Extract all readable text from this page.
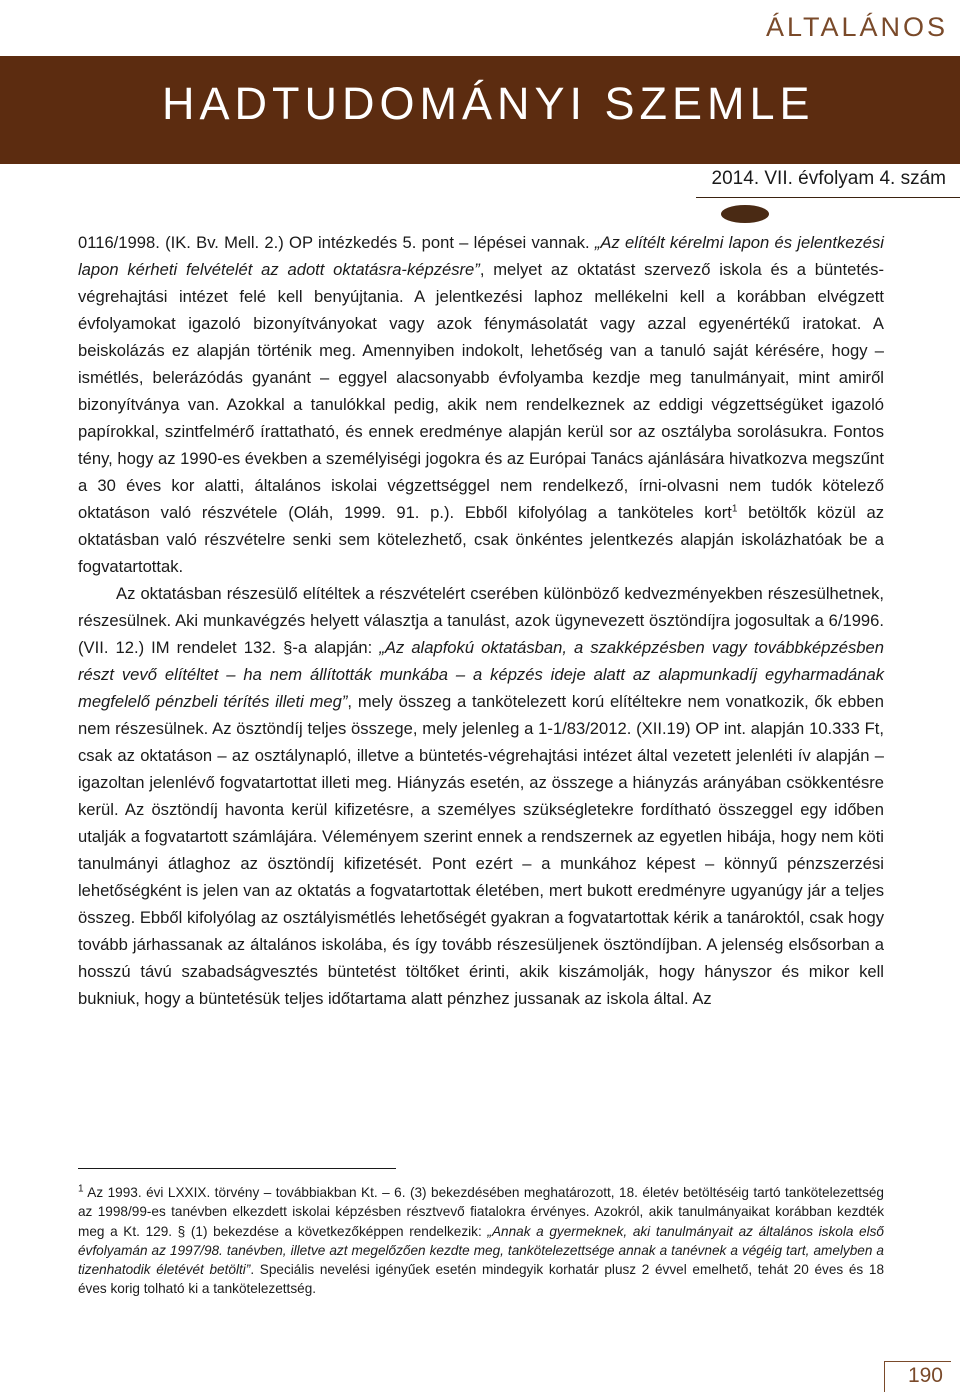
ÁLTALÁNOS
HADTUDOMÁNYI SZEMLE
2014. VII. évfolyam 4. szám

0116/1998. (IK. Bv. Mell. 2.) OP intézkedés 5. pont – lépései vannak. „Az elítélt kérelmi lapon és jelentkezési lapon kérheti felvételét az adott oktatásra-képzésre”, melyet az oktatást szervező iskola és a büntetés-végrehajtási intézet felé kell benyújtania. A jelentkezési laphoz mellékelni kell a korábban elvégzett évfolyamokat igazoló bizonyítványokat vagy azok fénymásolatát vagy azzal egyenértékű iratokat. A beiskolázás ez alapján történik meg. Amennyiben indokolt, lehetőség van a tanuló saját kérésére, hogy – ismétlés, belerázódás gyanánt – eggyel alacsonyabb évfolyamba kezdje meg tanulmányait, mint amiről bizonyítványa van. Azokkal a tanulókkal pedig, akik nem rendelkeznek az eddigi végzettségüket igazoló papírokkal, szintfelmérő írattatható, és ennek eredménye alapján kerül sor az osztályba sorolásukra. Fontos tény, hogy az 1990-es években a személyiségi jogokra és az Európai Tanács ajánlására hivatkozva megszűnt a 30 éves kor alatti, általános iskolai végzettséggel nem rendelkező, írni-olvasni nem tudók kötelező oktatáson való részvétele (Oláh, 1999. 91. p.). Ebből kifolyólag a tanköteles kort$^1$ betöltők közül az oktatásban való részvételre senki sem kötelezhető, csak önkéntes jelentkezés alapján iskolázhatóak be a fogvatartottak.

Az oktatásban részesülő elítéltek a részvételért cserében különböző kedvezményekben részesülhetnek, részesülnek. Aki munkavégzés helyett választja a tanulást, azok ügynevezett ösztöndíjra jogosultak a 6/1996. (VII. 12.) IM rendelet 132. §-a alapján: „Az alapfokú oktatásban, a szakképzésben vagy továbbképzésben részt vevő elítéltet – ha nem állították munkába – a képzés ideje alatt az alapmunkadíj egyharmadának megfelelő pénzbeli térítés illeti meg”, mely összeg a tankötelezett korú elítéltekre nem vonatkozik, ők ebben nem részesülnek. Az ösztöndíj teljes összege, mely jelenleg a 1-1/83/2012. (XII.19) OP int. alapján 10.333 Ft, csak az oktatáson – az osztálynapló, illetve a büntetés-végrehajtási intézet által vezetett jelenléti ív alapján – igazoltan jelenlévő fogvatartottat illeti meg. Hiányzás esetén, az összege a hiányzás arányában csökkentésre kerül. Az ösztöndíj havonta kerül kifizetésre, a személyes szükségletekre fordítható összeggel egy időben utalják a fogvatartott számlájára. Véleményem szerint ennek a rendszernek az egyetlen hibája, hogy nem köti tanulmányi átlaghoz az ösztöndíj kifizetését. Pont ezért – a munkához képest – könnyű pénzszerzési lehetőségként is jelen van az oktatás a fogvatartottak életében, mert bukott eredményre ugyanúgy jár a teljes összeg. Ebből kifolyólag az osztályismétlés lehetőségét gyakran a fogvatartottak kérik a tanároktól, csak hogy tovább járhassanak az általános iskolába, és így tovább részesüljenek ösztöndíjban. A jelenség elsősorban a hosszú távú szabadságvesztés büntetést töltőket érinti, akik kiszámolják, hogy hányszor és mikor kell bukniuk, hogy a büntetésük teljes időtartama alatt pénzhez jussanak az iskola által. Az

$^1$ Az 1993. évi LXXIX. törvény – továbbiakban Kt. – 6. (3) bekezdésében meghatározott, 18. életév betöltéséig tartó tankötelezettség az 1998/99-es tanévben elkezdett iskolai képzésben résztvevő fiatalokra érvényes. Azokról, akik tanulmányaikat korábban kezdték meg a Kt. 129. § (1) bekezdése a következőképpen rendelkezik: „Annak a gyermeknek, aki tanulmányait az általános iskola első évfolyamán az 1997/98. tanévben, illetve azt megelőzően kezdte meg, tankötelezettsége annak a tanévnek a végéig tart, amelyben a tizenhatodik életévét betölti”. Speciális nevelési igényűek esetén mindegyik korhatár plusz 2 évvel emelhető, tehát 20 éves és 18 éves korig tolható ki a tankötelezettség.

190
